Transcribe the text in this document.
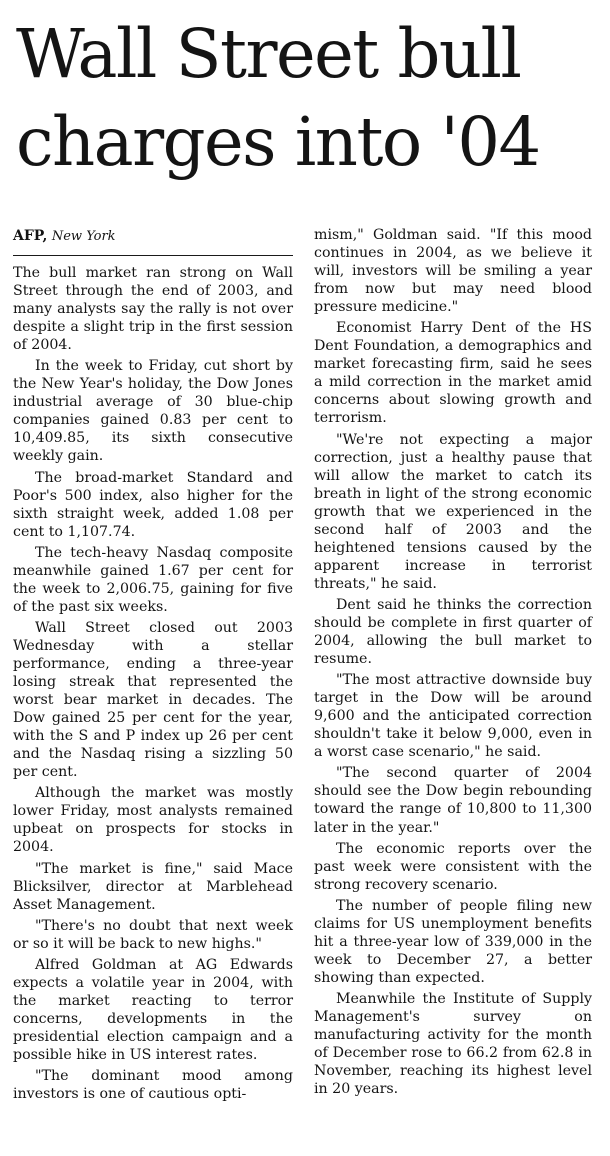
Wall Street bull
charges into '04
AFP, New York

The bull market ran strong on Wall Street through the end of 2003, and many analysts say the rally is not over despite a slight trip in the first session of 2004.

In the week to Friday, cut short by the New Year's holiday, the Dow Jones industrial average of 30 blue-chip companies gained 0.83 per cent to 10,409.85, its sixth consecutive weekly gain.

The broad-market Standard and Poor's 500 index, also higher for the sixth straight week, added 1.08 per cent to 1,107.74.

The tech-heavy Nasdaq composite meanwhile gained 1.67 per cent for the week to 2,006.75, gaining for five of the past six weeks.

Wall Street closed out 2003 Wednesday with a stellar performance, ending a three-year losing streak that represented the worst bear market in decades. The Dow gained 25 per cent for the year, with the S and P index up 26 per cent and the Nasdaq rising a sizzling 50 per cent.

Although the market was mostly lower Friday, most analysts remained upbeat on prospects for stocks in 2004.

"The market is fine," said Mace Blicksilver, director at Marblehead Asset Management.

"There's no doubt that next week or so it will be back to new highs."

Alfred Goldman at AG Edwards expects a volatile year in 2004, with the market reacting to terror concerns, developments in the presidential election campaign and a possible hike in US interest rates.

"The dominant mood among investors is one of cautious opti-

mism," Goldman said. "If this mood continues in 2004, as we believe it will, investors will be smiling a year from now but may need blood pressure medicine."

Economist Harry Dent of the HS Dent Foundation, a demographics and market forecasting firm, said he sees a mild correction in the market amid concerns about slowing growth and terrorism.

"We're not expecting a major correction, just a healthy pause that will allow the market to catch its breath in light of the strong economic growth that we experienced in the second half of 2003 and the heightened tensions caused by the apparent increase in terrorist threats," he said.

Dent said he thinks the correction should be complete in first quarter of 2004, allowing the bull market to resume.

"The most attractive downside buy target in the Dow will be around 9,600 and the anticipated correction shouldn't take it below 9,000, even in a worst case scenario," he said.

"The second quarter of 2004 should see the Dow begin rebounding toward the range of 10,800 to 11,300 later in the year."

The economic reports over the past week were consistent with the strong recovery scenario.

The number of people filing new claims for US unemployment benefits hit a three-year low of 339,000 in the week to December 27, a better showing than expected.

Meanwhile the Institute of Supply Management's survey on manufacturing activity for the month of December rose to 66.2 from 62.8 in November, reaching its highest level in 20 years.
